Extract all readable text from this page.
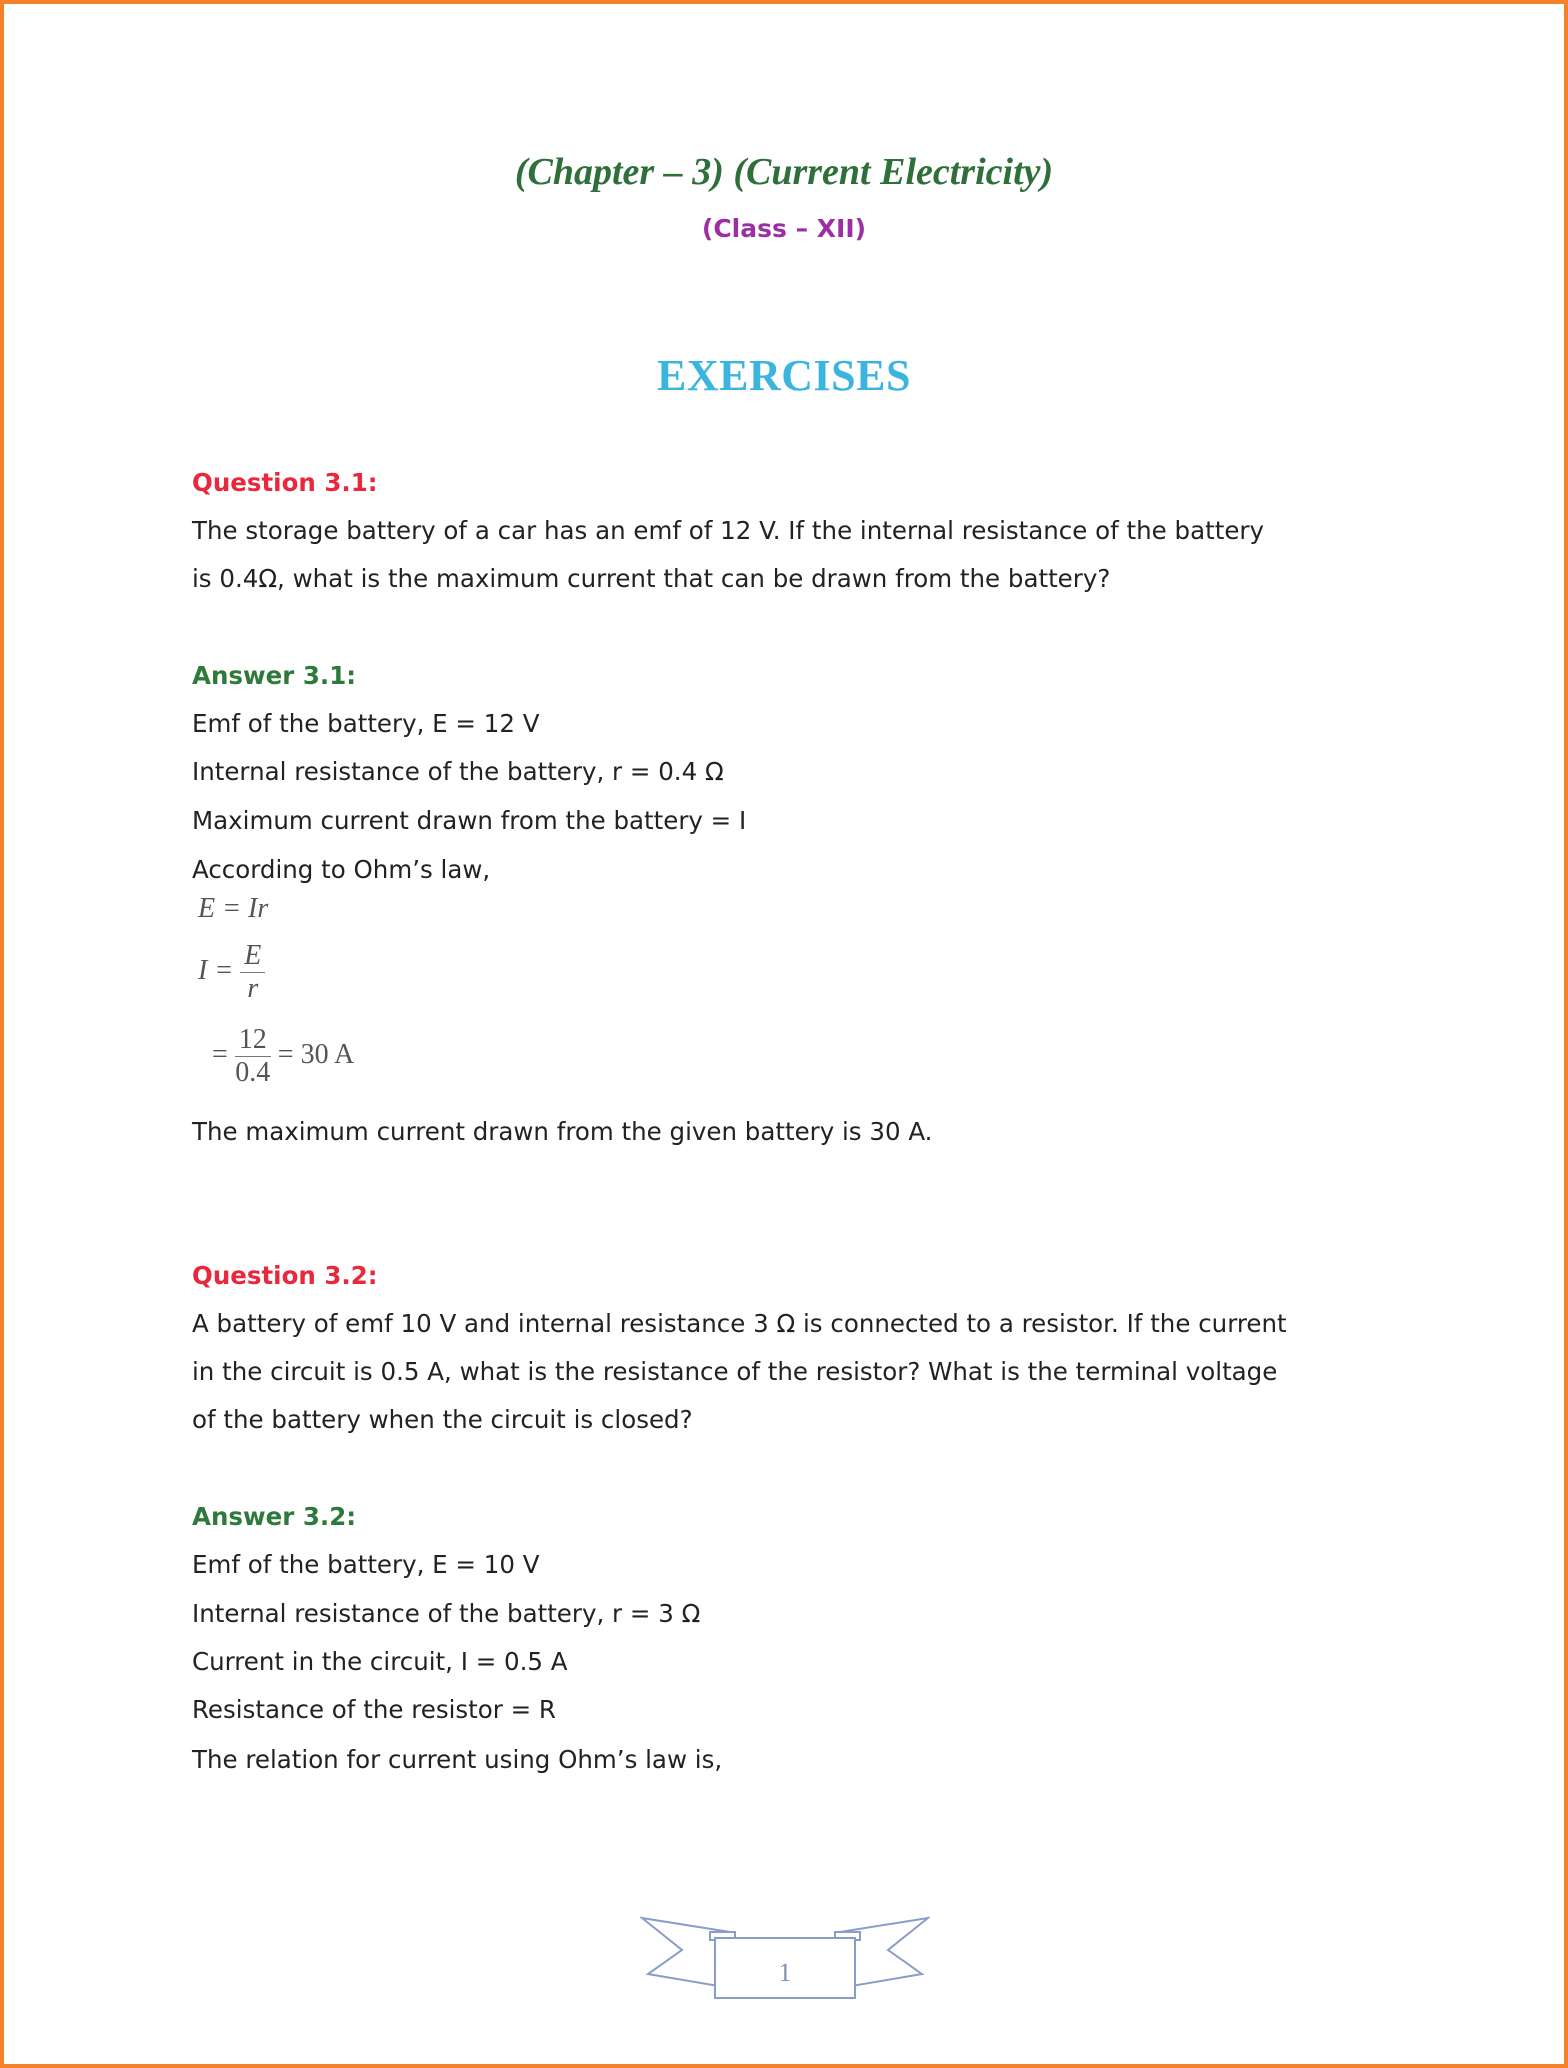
(Chapter – 3) (Current Electricity)
(Class – XII)
EXERCISES
Question 3.1:
The storage battery of a car has an emf of 12 V. If the internal resistance of the battery
is 0.4Ω, what is the maximum current that can be drawn from the battery?
Answer 3.1:
Emf of the battery, E = 12 V
Internal resistance of the battery, r = 0.4 Ω
Maximum current drawn from the battery = I
According to Ohm’s law,
E = Ir
$I = \frac{E}{r}$
= $\frac{12}{0.4} = 30$ A
The maximum current drawn from the given battery is 30 A.
Question 3.2:
A battery of emf 10 V and internal resistance 3 Ω is connected to a resistor. If the current
in the circuit is 0.5 A, what is the resistance of the resistor? What is the terminal voltage
of the battery when the circuit is closed?
Answer 3.2:
Emf of the battery, E = 10 V
Internal resistance of the battery, r = 3 Ω
Current in the circuit, I = 0.5 A
Resistance of the resistor = R
The relation for current using Ohm’s law is,
1
